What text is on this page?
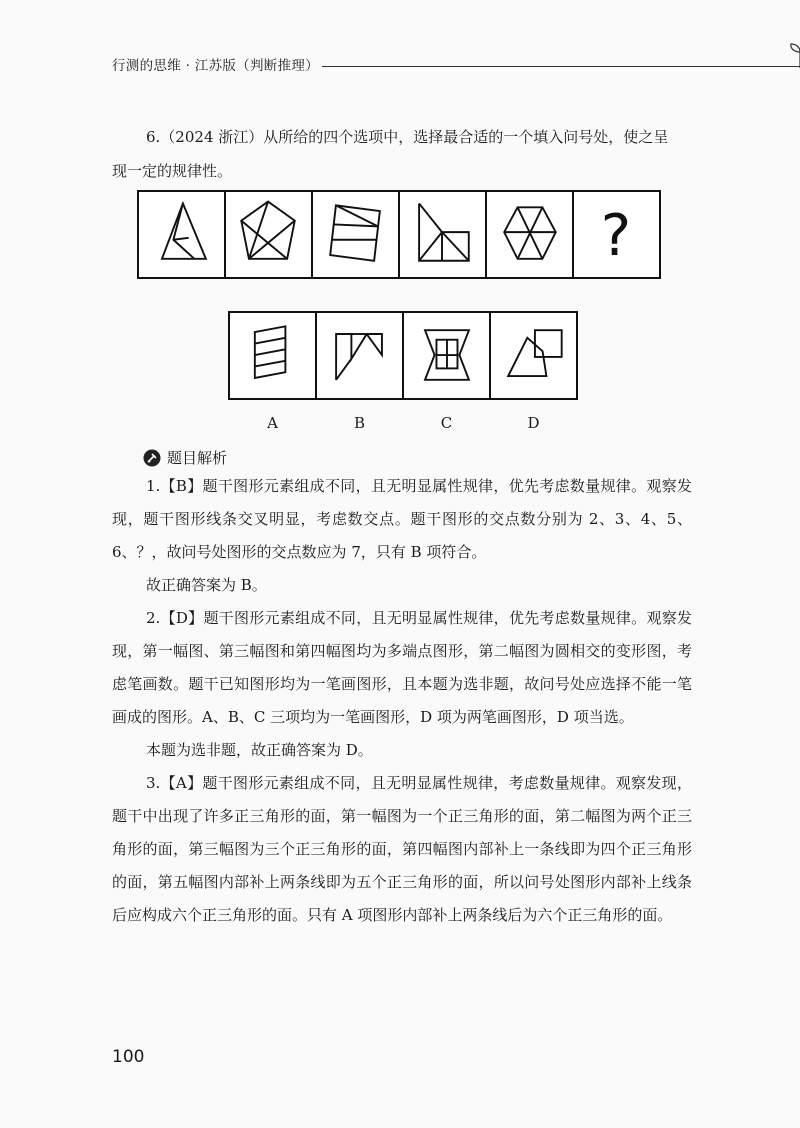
行测的思维 · 江苏版（判断推理）

6.（2024 浙江）从所给的四个选项中，选择最合适的一个填入问号处，使之呈

现一定的规律性。

?
A	B	C	D
题目解析

1.【B】题干图形元素组成不同，且无明显属性规律，优先考虑数量规律。观察发现，题干图形线条交叉明显，考虑数交点。题干图形的交点数分别为 2、3、4、5、6、？，故问号处图形的交点数应为 7，只有 B 项符合。

故正确答案为 B。

2.【D】题干图形元素组成不同，且无明显属性规律，优先考虑数量规律。观察发现，第一幅图、第三幅图和第四幅图均为多端点图形，第二幅图为圆相交的变形图，考虑笔画数。题干已知图形均为一笔画图形，且本题为选非题，故问号处应选择不能一笔画成的图形。A、B、C 三项均为一笔画图形，D 项为两笔画图形，D 项当选。

本题为选非题，故正确答案为 D。

3.【A】题干图形元素组成不同，且无明显属性规律，考虑数量规律。观察发现，题干中出现了许多正三角形的面，第一幅图为一个正三角形的面，第二幅图为两个正三角形的面，第三幅图为三个正三角形的面，第四幅图内部补上一条线即为四个正三角形的面，第五幅图内部补上两条线即为五个正三角形的面，所以问号处图形内部补上线条后应构成六个正三角形的面。只有 A 项图形内部补上两条线后为六个正三角形的面。

100
